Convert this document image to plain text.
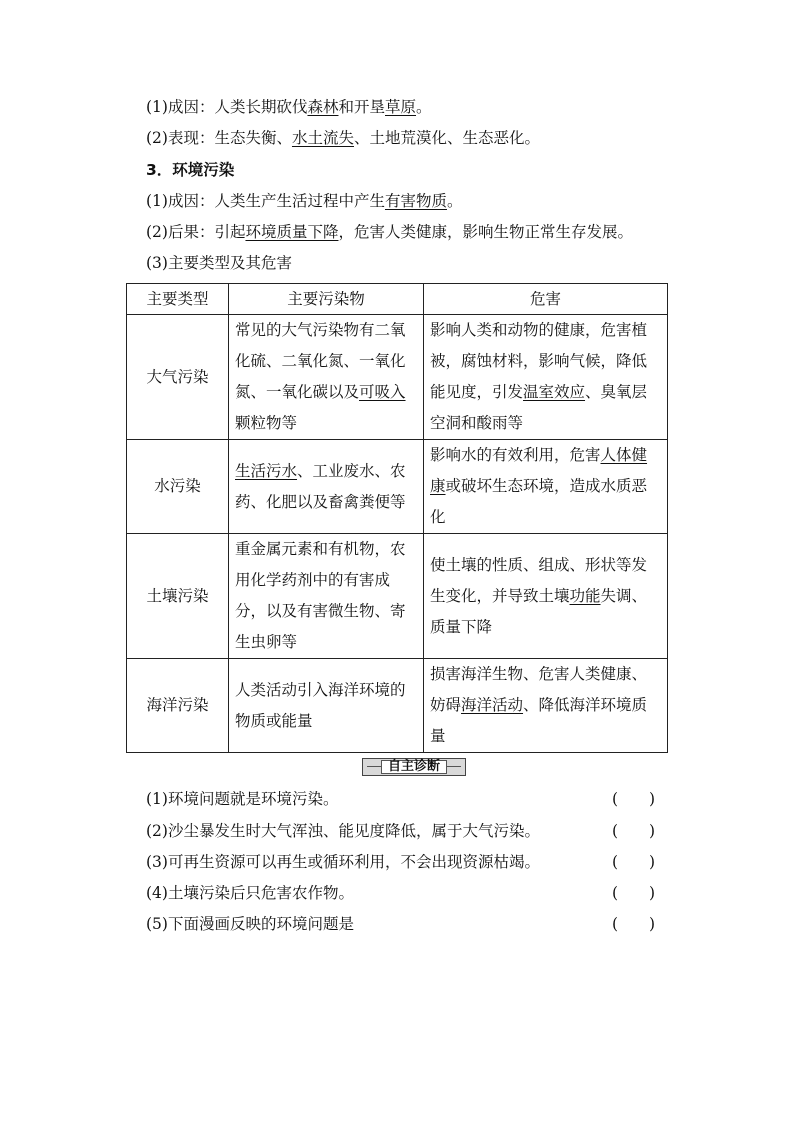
(1)成因：人类长期砍伐森林和开垦草原。
(2)表现：生态失衡、水土流失、土地荒漠化、生态恶化。
3．环境污染
(1)成因：人类生产生活过程中产生有害物质。
(2)后果：引起环境质量下降，危害人类健康，影响生物正常生存发展。
(3)主要类型及其危害
主要类型	主要污染物	危害
大气污染	常见的大气污染物有二氧化硫、二氧化氮、一氧化氮、一氧化碳以及可吸入颗粒物等	影响人类和动物的健康，危害植被，腐蚀材料，影响气候，降低能见度，引发温室效应、臭氧层空洞和酸雨等

水污染	生活污水、工业废水、农药、化肥以及畜禽粪便等	影响水的有效利用，危害人体健康或破坏生态环境，造成水质恶化

土壤污染	重金属元素和有机物，农用化学药剂中的有害成分，以及有害微生物、寄生虫卵等	使土壤的性质、组成、形状等发生变化，并导致土壤功能失调、质量下降

海洋污染	人类活动引入海洋环境的物质或能量	损害海洋生物、危害人类健康、妨碍海洋活动、降低海洋环境质量
自主诊断
(1)环境问题就是环境污染。	(　　)
(2)沙尘暴发生时大气浑浊、能见度降低，属于大气污染。	(　　)
(3)可再生资源可以再生或循环利用，不会出现资源枯竭。	(　　)
(4)土壤污染后只危害农作物。	(　　)
(5)下面漫画反映的环境问题是	(　　)
